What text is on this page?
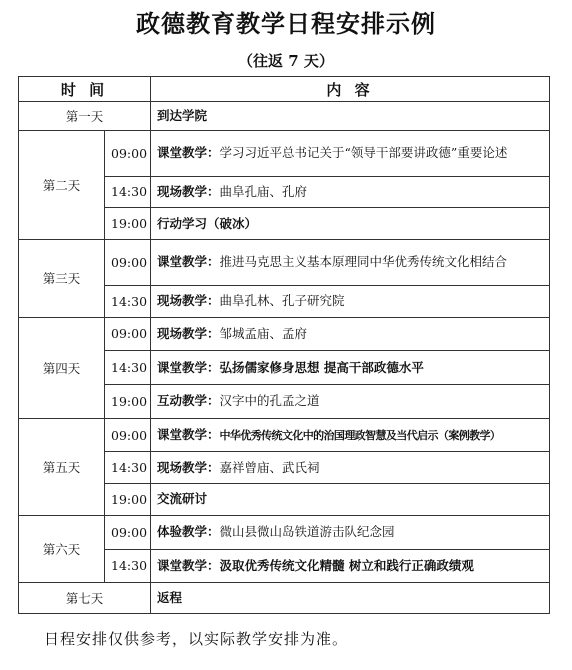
政德教育教学日程安排示例
（往返 7 天）
时 间		内 容
第一天		到达学院
第二天	09:00	课堂教学：学习习近平总书记关于“领导干部要讲政德”重要论述
	14:30	现场教学：曲阜孔庙、孔府
	19:00	行动学习（破冰）
第三天	09:00	课堂教学：推进马克思主义基本原理同中华优秀传统文化相结合
	14:30	现场教学：曲阜孔林、孔子研究院
第四天	09:00	现场教学：邹城孟庙、孟府
	14:30	课堂教学：弘扬儒家修身思想 提高干部政德水平
	19:00	互动教学：汉字中的孔孟之道
第五天	09:00	课堂教学：中华优秀传统文化中的治国理政智慧及当代启示（案例教学）
	14:30	现场教学：嘉祥曾庙、武氏祠
	19:00	交流研讨
第六天	09:00	体验教学：微山县微山岛铁道游击队纪念园
	14:30	课堂教学：汲取优秀传统文化精髓 树立和践行正确政绩观
第七天		返程
日程安排仅供参考，以实际教学安排为准。
